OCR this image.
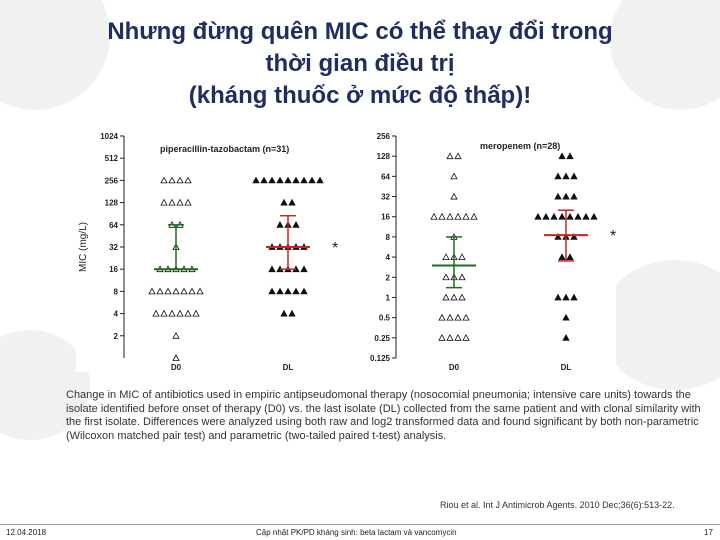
Nhưng đừng quên MIC có thể thay đổi trong
thời gian điều trị
(kháng thuốc ở mức độ thấp)!
1024
512
256
128
64
32
16
8
4
2
piperacillin-tazobactam (n=31)
MIC (mg/L)
D0	DL
*
256
128
64
32
16
8
4
2
1
0.5
0.25
0.125
meropenem (n=28)
D0	DL
*
Change in MIC of antibiotics used in empiric antipseudomonal therapy (nosocomial pneumonia; intensive care units) towards the isolate identified before onset of therapy (D0) vs. the last isolate (DL) collected from the same patient and with clonal similarity with the first isolate. Differences were analyzed using both raw and log2 transformed data and found significant by both non-parametric (Wilcoxon matched pair test) and parametric (two-tailed paired t-test) analysis.
Riou et al. Int J Antimicrob Agents. 2010 Dec;36(6):513-22.
12.04.2018	Cập nhật PK/PD kháng sinh: beta lactam và vancomycin	17
